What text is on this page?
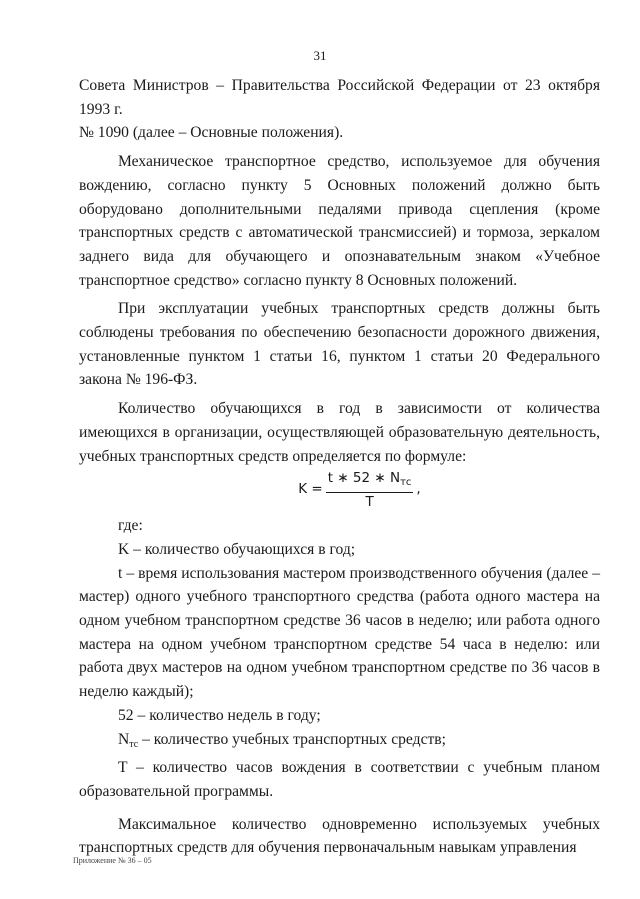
31

Совета Министров – Правительства Российской Федерации от 23 октября 1993 г.

№ 1090 (далее – Основные положения).

Механическое транспортное средство, используемое для обучения вождению, согласно пункту 5 Основных положений должно быть оборудовано дополнительными педалями привода сцепления (кроме транспортных средств с автоматической трансмиссией) и тормоза, зеркалом заднего вида для обучающего и опознавательным знаком «Учебное транспортное средство» согласно пункту 8 Основных положений.

При эксплуатации учебных транспортных средств должны быть соблюдены требования по обеспечению безопасности дорожного движения, установленные пунктом 1 статьи 16, пунктом 1 статьи 20 Федерального закона № 196-ФЗ.

Количество обучающихся в год в зависимости от количества имеющихся в организации, осуществляющей образовательную деятельность, учебных транспортных средств определяется по формуле:

$K = \frac{t ∗ 52 ∗ N_{тс}}{T}$ ,

где:

K – количество обучающихся в год;

t – время использования мастером производственного обучения (далее – мастер) одного учебного транспортного средства (работа одного мастера на одном учебном транспортном средстве 36 часов в неделю; или работа одного мастера на одном учебном транспортном средстве 54 часа в неделю: или работа двух мастеров на одном учебном транспортном средстве по 36 часов в неделю каждый);

52 – количество недель в году;

$N_{тс}$ – количество учебных транспортных средств;

T – количество часов вождения в соответствии с учебным планом образовательной программы.

Максимальное количество одновременно используемых учебных транспортных средств для обучения первоначальным навыкам управления

Приложение № 36 – 05
